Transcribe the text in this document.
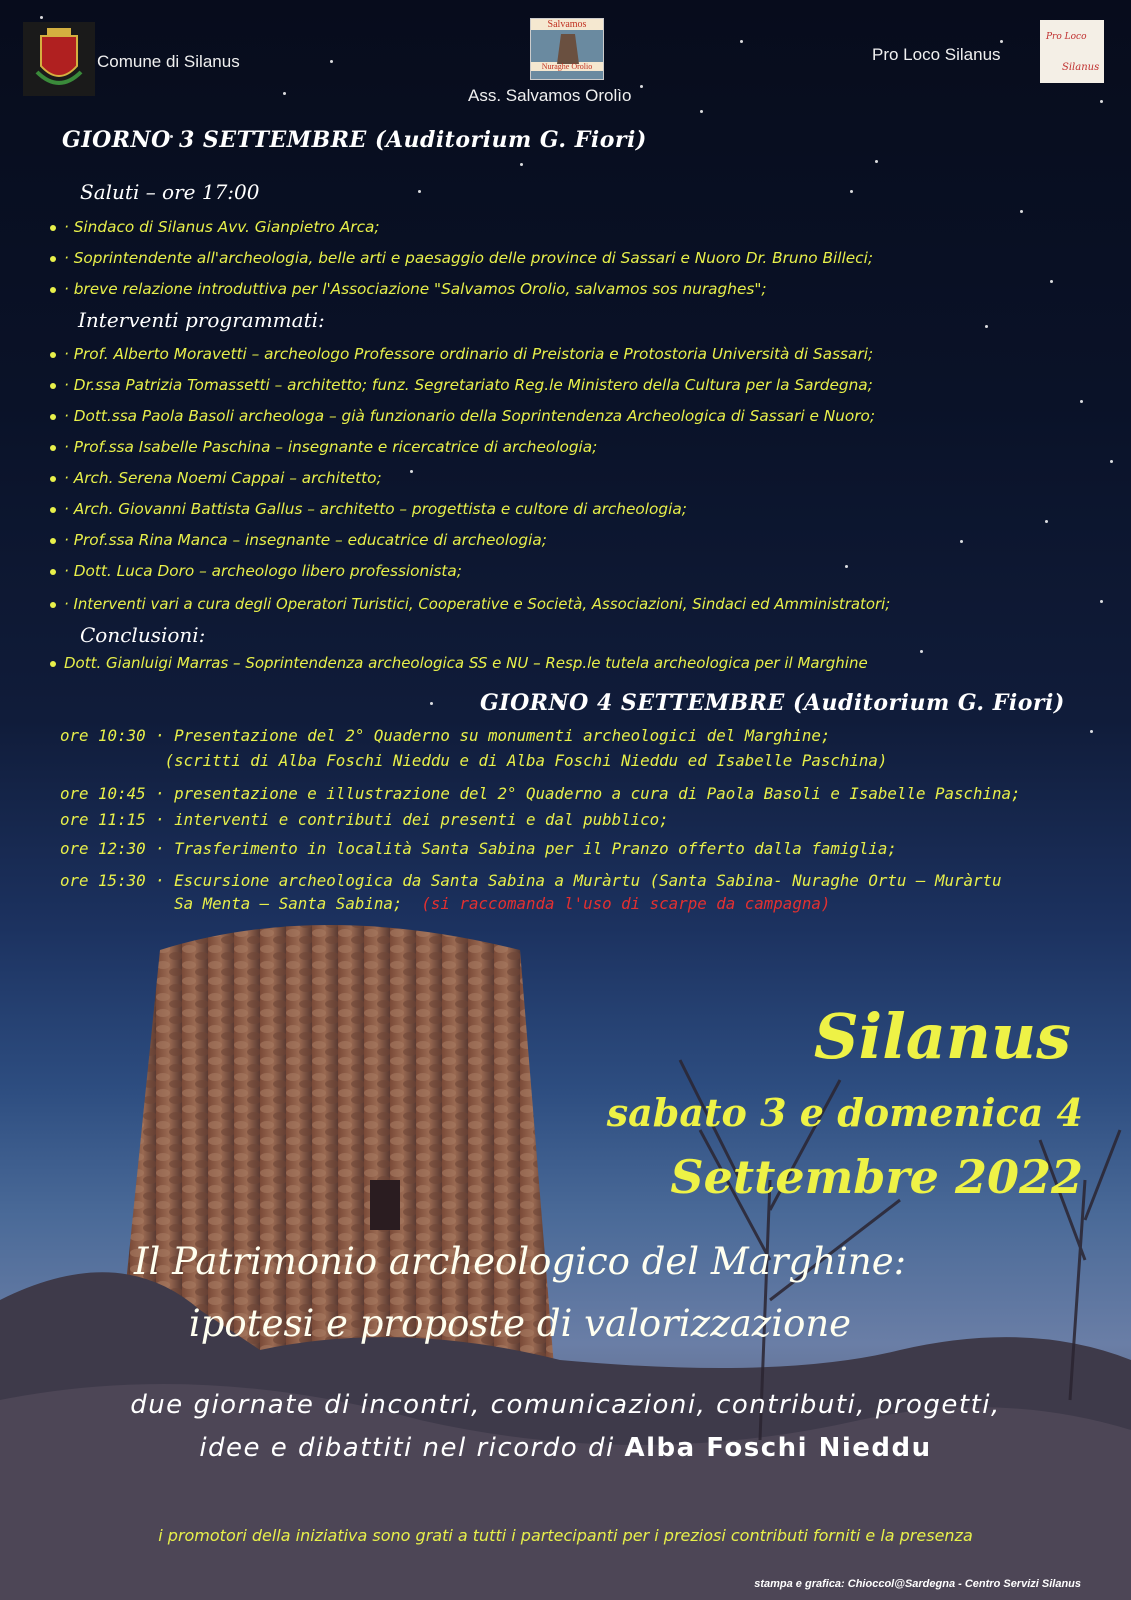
Comune di Silanus
Salvamos
Nuraghe Orolio
Ass. Salvamos Orolìo
Pro Loco Silanus
Pro Loco
Silanus
GIORNO 3 SETTEMBRE (Auditorium G. Fiori)
Saluti – ore 17:00
· Sindaco di Silanus Avv. Gianpietro Arca;
· Soprintendente all'archeologia, belle arti e paesaggio delle province di Sassari e Nuoro Dr. Bruno Billeci;
· breve relazione introduttiva per l'Associazione "Salvamos Orolio, salvamos sos nuraghes";
Interventi programmati:
· Prof. Alberto Moravetti – archeologo Professore ordinario di Preistoria e Protostoria Università di Sassari;
· Dr.ssa Patrizia Tomassetti – architetto; funz. Segretariato Reg.le Ministero della Cultura per la Sardegna;
· Dott.ssa Paola Basoli archeologa – già funzionario della Soprintendenza Archeologica di Sassari e Nuoro;
· Prof.ssa Isabelle Paschina – insegnante e ricercatrice di archeologia;
· Arch. Serena Noemi Cappai – architetto;
· Arch. Giovanni Battista Gallus – architetto – progettista e cultore di archeologia;
· Prof.ssa Rina Manca – insegnante – educatrice di archeologia;
· Dott. Luca Doro – archeologo libero professionista;
· Interventi vari a cura degli Operatori Turistici, Cooperative e Società, Associazioni, Sindaci ed Amministratori;
Conclusioni:
Dott. Gianluigi Marras – Soprintendenza archeologica SS e NU – Resp.le tutela archeologica per il Marghine
GIORNO 4 SETTEMBRE (Auditorium G. Fiori)
ore 10:30 · Presentazione del 2° Quaderno su monumenti archeologici del Marghine;
(scritti di Alba Foschi Nieddu e di Alba Foschi Nieddu ed Isabelle Paschina)
ore 10:45 · presentazione e illustrazione del 2° Quaderno a cura di Paola Basoli e Isabelle Paschina;
ore 11:15 · interventi e contributi dei presenti e dal pubblico;
ore 12:30 · Trasferimento in località Santa Sabina per il Pranzo offerto dalla famiglia;
ore 15:30 · Escursione archeologica da Santa Sabina a Muràrtu (Santa Sabina- Nuraghe Ortu – Muràrtu
Sa Menta – Santa Sabina;  (si raccomanda l'uso di scarpe da campagna)
Silanus
sabato 3 e domenica 4
Settembre 2022
Il Patrimonio archeologico del Marghine:
ipotesi e proposte di valorizzazione
due giornate di incontri, comunicazioni, contributi, progetti,
idee e dibattiti nel ricordo di Alba Foschi Nieddu
i promotori della iniziativa sono grati a tutti i partecipanti per i preziosi contributi forniti e la presenza
stampa e grafica: Chioccol@Sardegna - Centro Servizi Silanus
